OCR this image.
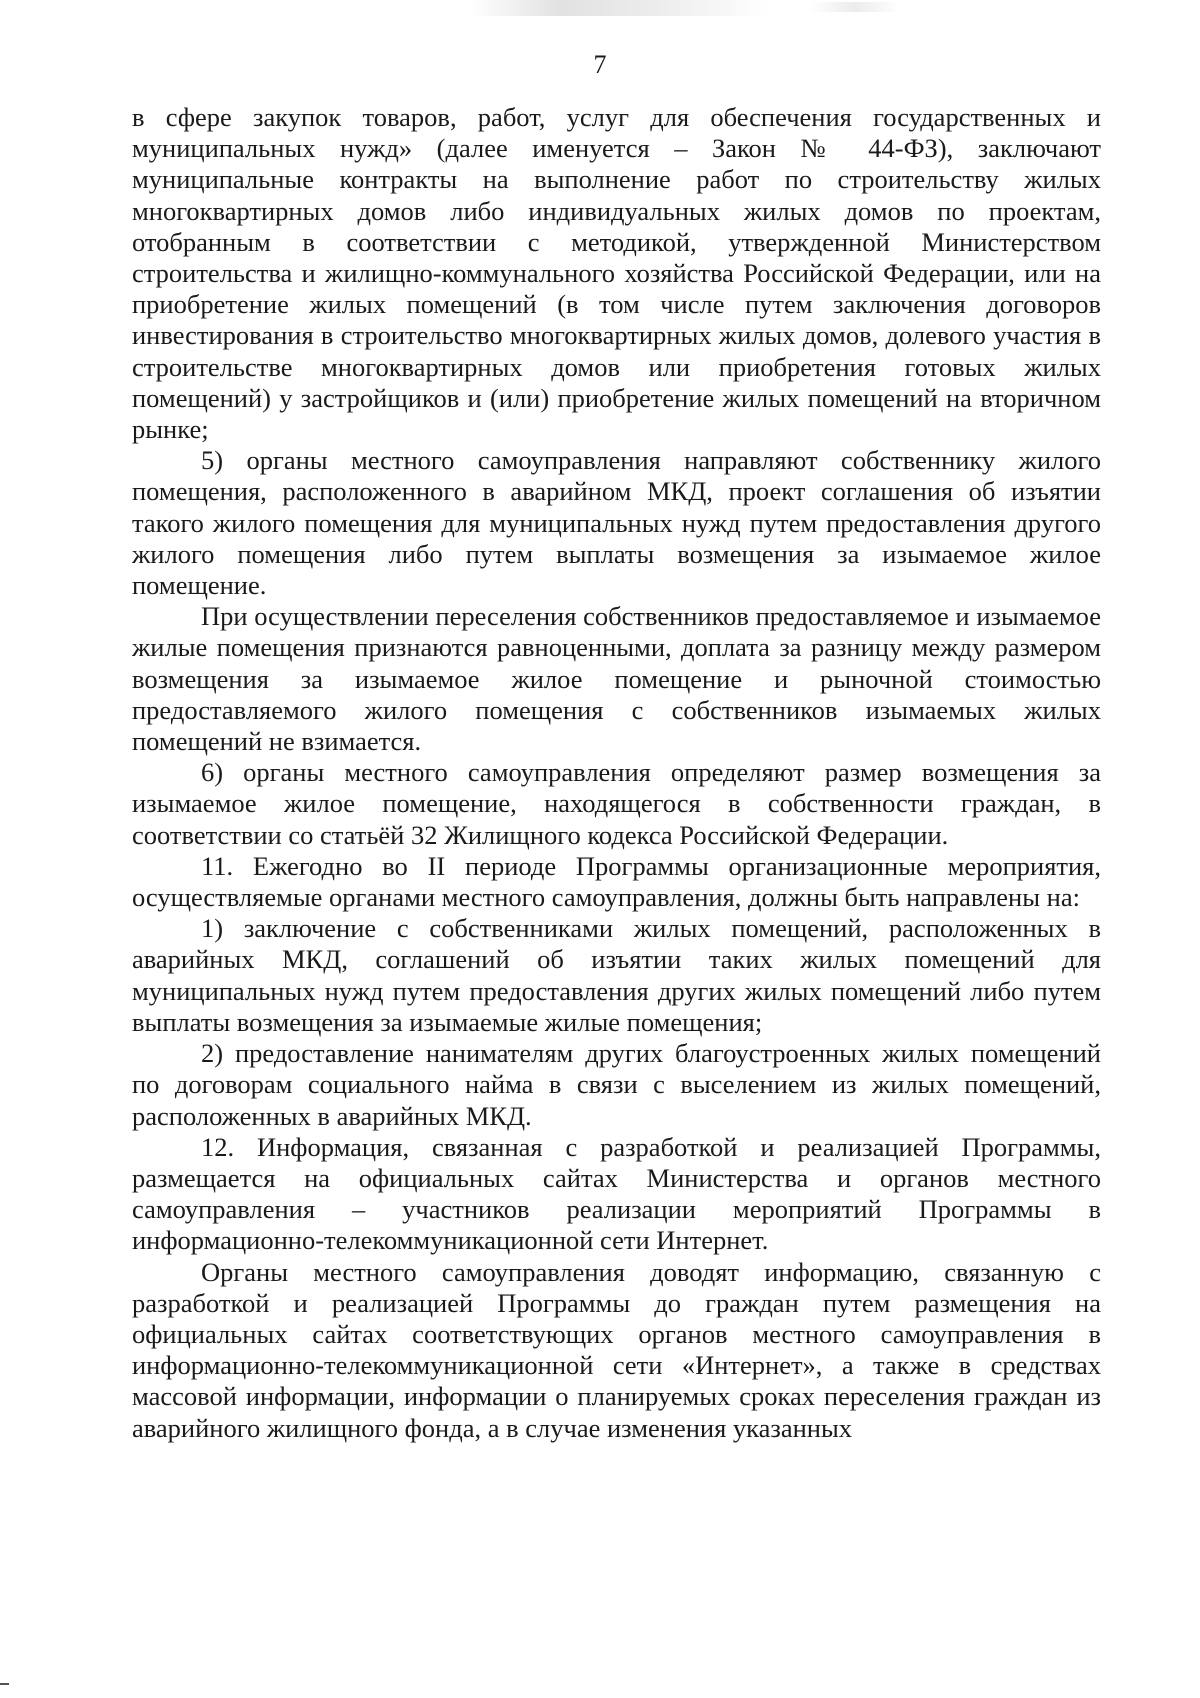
7

в сфере закупок товаров, работ, услуг для обеспечения государственных и муниципальных нужд» (далее именуется – Закон № 44-ФЗ), заключают муниципальные контракты на выполнение работ по строительству жилых многоквартирных домов либо индивидуальных жилых домов по проектам, отобранным в соответствии с методикой, утвержденной Министерством строительства и жилищно-коммунального хозяйства Российской Федерации, или на приобретение жилых помещений (в том числе путем заключения договоров инвестирования в строительство многоквартирных жилых домов, долевого участия в строительстве многоквартирных домов или приобретения готовых жилых помещений) у застройщиков и (или) приобретение жилых помещений на вторичном рынке;

5) органы местного самоуправления направляют собственнику жилого помещения, расположенного в аварийном МКД, проект соглашения об изъятии такого жилого помещения для муниципальных нужд путем предоставления другого жилого помещения либо путем выплаты возмещения за изымаемое жилое помещение.

При осуществлении переселения собственников предоставляемое и изымаемое жилые помещения признаются равноценными, доплата за разницу между размером возмещения за изымаемое жилое помещение и рыночной стоимостью предоставляемого жилого помещения с собственников изымаемых жилых помещений не взимается.

6) органы местного самоуправления определяют размер возмещения за изымаемое жилое помещение, находящегося в собственности граждан, в соответствии со статьёй 32 Жилищного кодекса Российской Федерации.

11. Ежегодно во II периоде Программы организационные мероприятия, осуществляемые органами местного самоуправления, должны быть направлены на:

1) заключение с собственниками жилых помещений, расположенных в аварийных МКД, соглашений об изъятии таких жилых помещений для муниципальных нужд путем предоставления других жилых помещений либо путем выплаты возмещения за изымаемые жилые помещения;

2) предоставление нанимателям других благоустроенных жилых помещений по договорам социального найма в связи с выселением из жилых помещений, расположенных в аварийных МКД.

12. Информация, связанная с разработкой и реализацией Программы, размещается на официальных сайтах Министерства и органов местного самоуправления – участников реализации мероприятий Программы в информационно-телекоммуникационной сети Интернет.

Органы местного самоуправления доводят информацию, связанную с разработкой и реализацией Программы до граждан путем размещения на официальных сайтах соответствующих органов местного самоуправления в информационно-телекоммуникационной сети «Интернет», а также в средствах массовой информации, информации о планируемых сроках переселения граждан из аварийного жилищного фонда, а в случае изменения указанных
